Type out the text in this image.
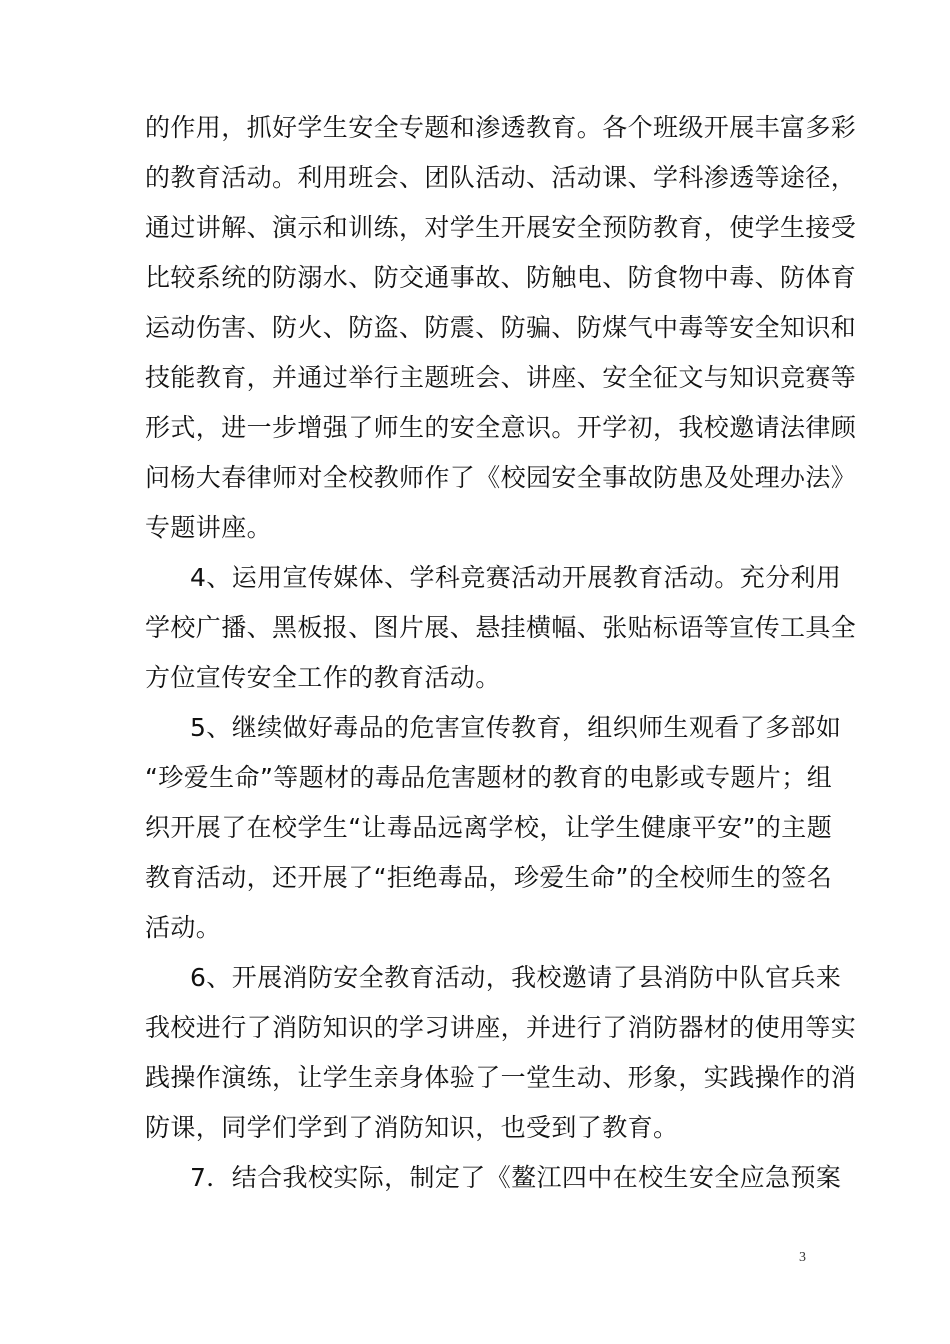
的作用，抓好学生安全专题和渗透教育。各个班级开展丰富多彩
的教育活动。利用班会、团队活动、活动课、学科渗透等途径，
通过讲解、演示和训练，对学生开展安全预防教育，使学生接受
比较系统的防溺水、防交通事故、防触电、防食物中毒、防体育
运动伤害、防火、防盗、防震、防骗、防煤气中毒等安全知识和
技能教育，并通过举行主题班会、讲座、安全征文与知识竞赛等
形式，进一步增强了师生的安全意识。开学初，我校邀请法律顾
问杨大春律师对全校教师作了《校园安全事故防患及处理办法》
专题讲座。
4、运用宣传媒体、学科竞赛活动开展教育活动。充分利用
学校广播、黑板报、图片展、悬挂横幅、张贴标语等宣传工具全
方位宣传安全工作的教育活动。
5、继续做好毒品的危害宣传教育，组织师生观看了多部如
“珍爱生命”等题材的毒品危害题材的教育的电影或专题片；组
织开展了在校学生“让毒品远离学校，让学生健康平安”的主题
教育活动，还开展了“拒绝毒品，珍爱生命”的全校师生的签名
活动。
6、开展消防安全教育活动，我校邀请了县消防中队官兵来
我校进行了消防知识的学习讲座，并进行了消防器材的使用等实
践操作演练，让学生亲身体验了一堂生动、形象，实践操作的消
防课，同学们学到了消防知识，也受到了教育。
7．结合我校实际，制定了《鳌江四中在校生安全应急预案
3
